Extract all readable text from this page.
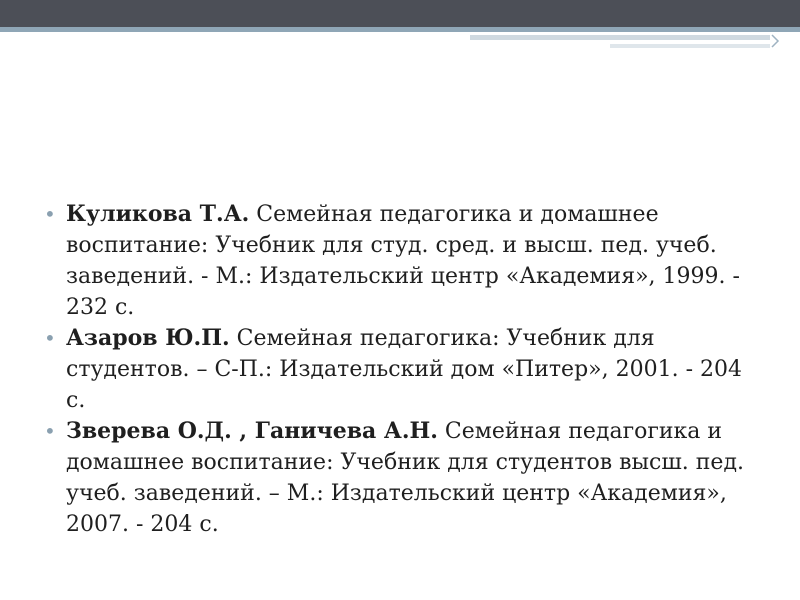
• Куликова Т.А. Семейная педагогика и домашнее воспитание: Учебник для студ. сред. и высш. пед. учеб. заведений. - М.: Издательский центр «Академия», 1999. - 232 с.
• Азаров Ю.П. Семейная педагогика: Учебник для студентов. – С-П.: Издательский дом «Питер», 2001. - 204 с.
• Зверева О.Д. , Ганичева А.Н. Семейная педагогика и домашнее воспитание: Учебник для студентов высш. пед. учеб. заведений. – М.: Издательский центр «Академия», 2007. - 204 с.
